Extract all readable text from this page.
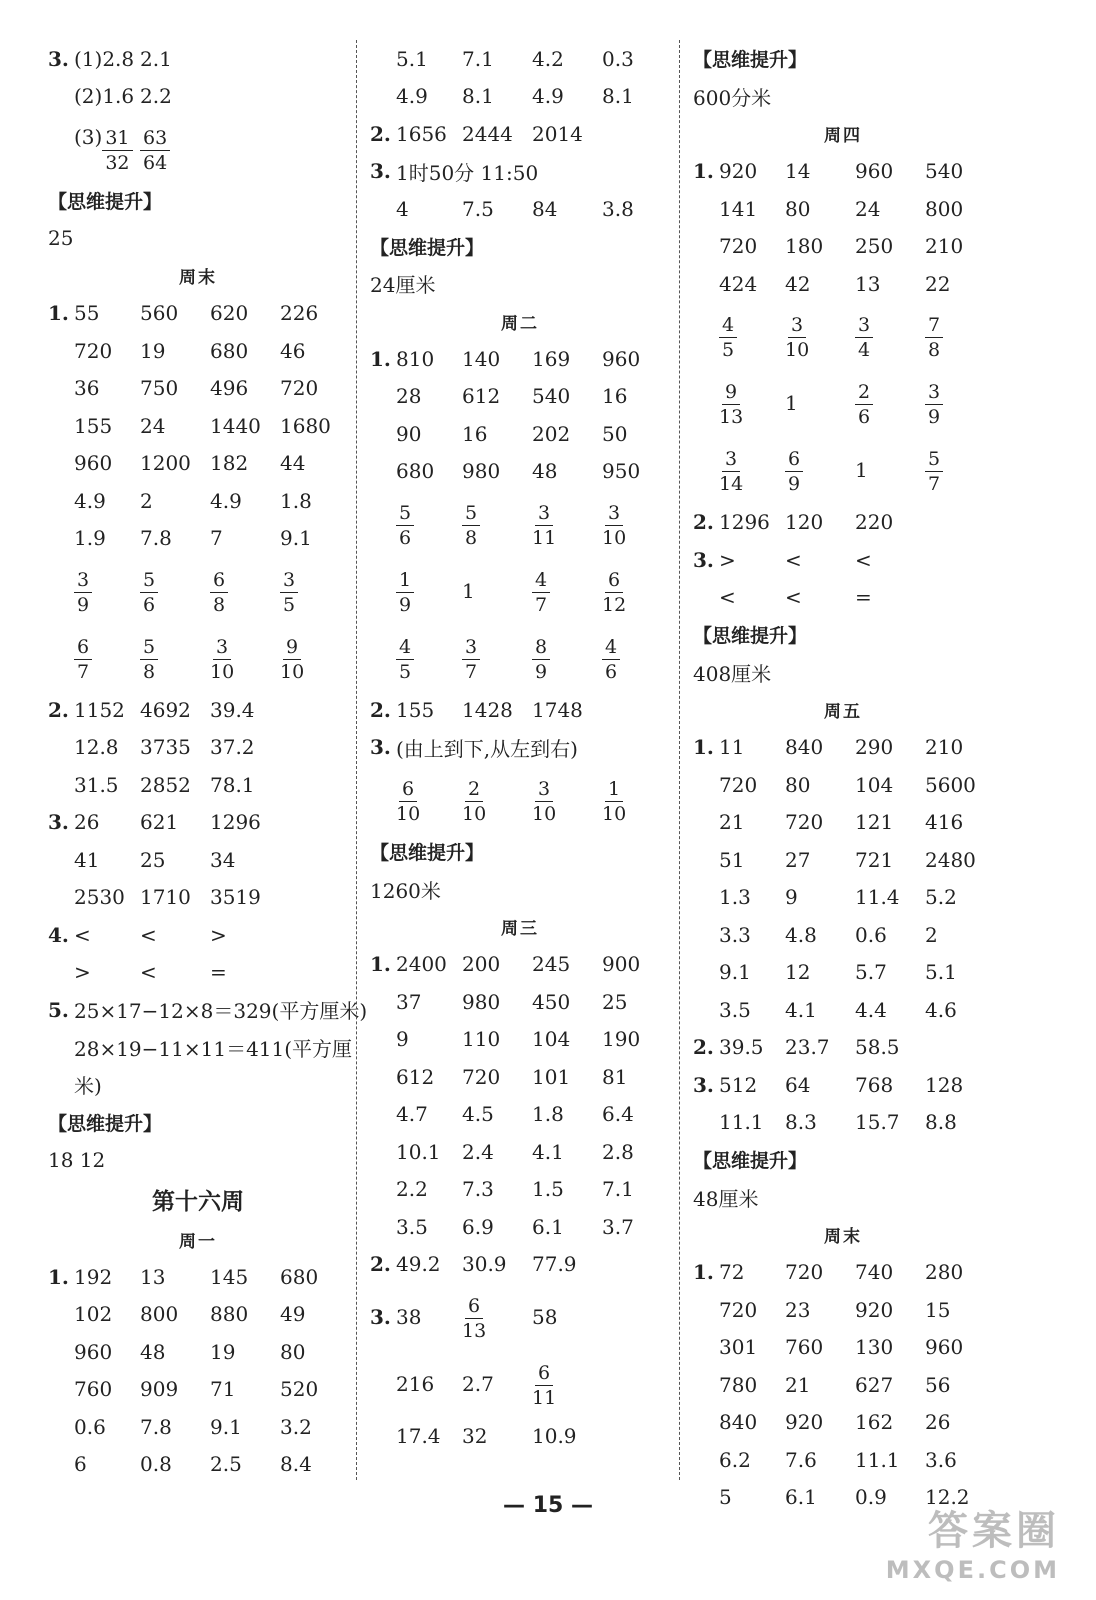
3. (1)2.8 2.1
(2)1.6 2.2
$(3) \frac{31}{32} \frac{63}{64}$
【思维提升】
25
周末
1. 55	560	620	226
720	19	680	46
36	750	496	720
155	24	1440 1680
960	1200 182	44
4.9	2	4.9	1.8
1.9	7.8	7	9.1
$\frac{3}{9}$	$\frac{5}{6}$	$\frac{6}{8}$	$\frac{3}{5}$
$\frac{6}{7}$	$\frac{5}{8}$	$\frac{3}{10} \frac{9}{10}$
2. 1152 4692 39.4
12.8	3735 37.2
31.5	2852 78.1
3. 26	621	1296
41	25	34
2530 1710 3519
4. <	<	>
>	<	=
5. 25×17−12×8＝329(平方厘米)
28×19−11×11＝411(平方厘
米)
【思维提升】
18 12
第十六周
周一
1. 192	13	145	680
102	800	880	49
960	48	19	80
760	909	71	520
0.6	7.8	9.1	3.2
6	0.8	2.5	8.4
5.1	7.1	4.2	0.3
4.9	8.1	4.9	8.1
2. 1656 2444 2014
3. 1时50分 11:50
4	7.5	84	3.8
【思维提升】
24厘米
周二
1. 810	140	169	960
28	612	540	16
90	16	202	50
680	980	48	950
$\frac{5}{6}$	$\frac{5}{8}$	$\frac{3}{11} \frac{3}{10}$
$\frac{1}{9} 1$	$\frac{4}{7}$	$\frac{6}{12}$
$\frac{4}{5}$	$\frac{3}{7}$	$\frac{8}{9}$	$\frac{4}{6}$
2. 155	1428 1748
3. (由上到下,从左到右)
$\frac{6}{10} \frac{2}{10} \frac{3}{10} \frac{1}{10}$
【思维提升】
1260米
周三
1. 2400 200	245	900
37	980	450	25
9	110	104	190
612	720	101	81
4.7	4.5	1.8	6.4
10.1	2.4	4.1	2.8
2.2	7.3	1.5	7.1
3.5	6.9	6.1	3.7
2. 49.2	30.9	77.9
3. 38	$\frac{6}{13} 58$
216	2.7	$\frac{6}{11}$
17.4	32	10.9
【思维提升】
600分米
周四
1. 920	14	960	540
141	80	24	800
720	180	250	210
424	42	13	22
$\frac{4}{5}$	$\frac{3}{10} \frac{3}{4}$	$\frac{7}{8}$
$\frac{9}{13} 1$	$\frac{2}{6}$	$\frac{3}{9}$
$\frac{3}{14} \frac{6}{9}$	1	$\frac{5}{7}$
2. 1296 120	220
3. >	<	<
<	<	=
【思维提升】
408厘米
周五
1. 11	840	290	210
720	80	104	5600
21	720	121	416
51	27	721	2480
1.3	9	11.4	5.2
3.3	4.8	0.6	2
9.1	12	5.7	5.1
3.5	4.1	4.4	4.6
2. 39.5	23.7	58.5
3. 512	64	768	128
11.1	8.3	15.7	8.8
【思维提升】
48厘米
周末
1. 72	720	740	280
720	23	920	15
301	760	130	960
780	21	627	56
840	920	162	26
6.2	7.6	11.1	3.6
5	6.1	0.9	12.2
— 15 —
答案圈
MXQE.COM
